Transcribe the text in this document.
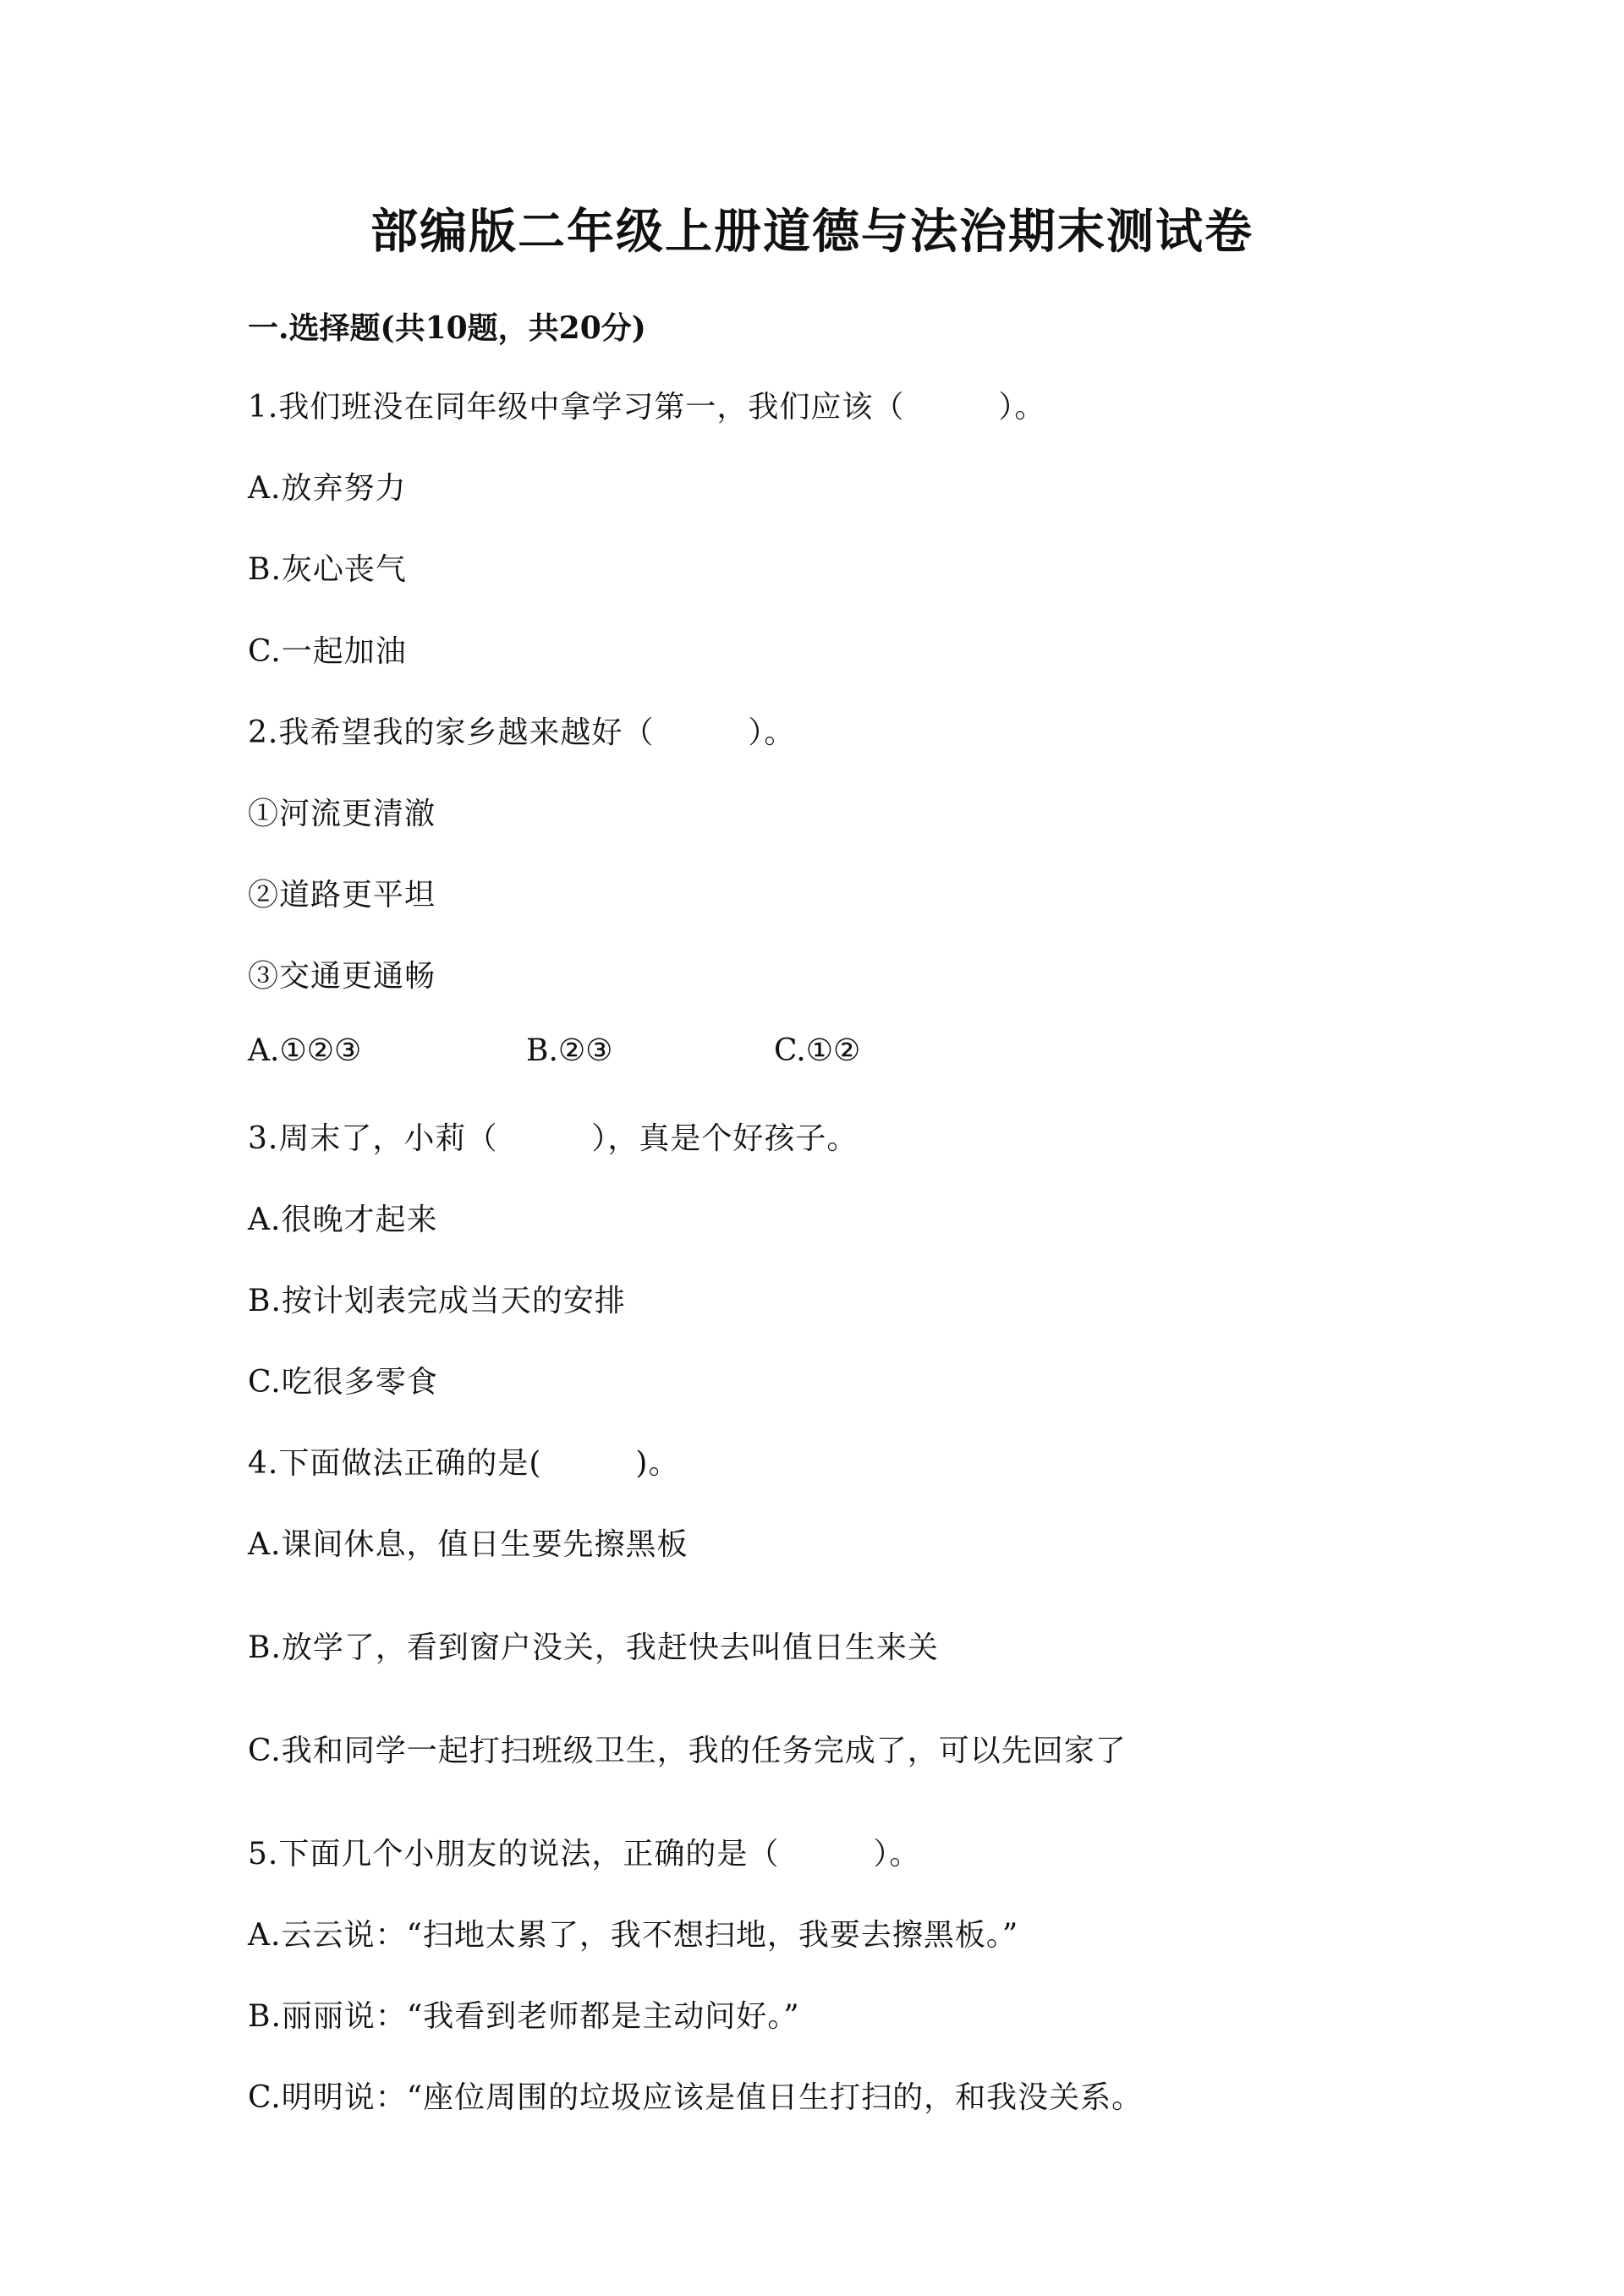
部编版二年级上册道德与法治期末测试卷
一.选择题(共10题，共20分)
1.我们班没在同年级中拿学习第一，我们应该（　　　）。
A.放弃努力
B.灰心丧气
C.一起加油
2.我希望我的家乡越来越好（　　　）。
①河流更清澈
②道路更平坦
③交通更通畅
A.①②③	B.②③	C.①②
3.周末了，小莉（　　　），真是个好孩子。
A.很晚才起来
B.按计划表完成当天的安排
C.吃很多零食
4.下面做法正确的是(　　　)。
A.课间休息，值日生要先擦黑板
B.放学了，看到窗户没关，我赶快去叫值日生来关
C.我和同学一起打扫班级卫生，我的任务完成了，可以先回家了
5.下面几个小朋友的说法，正确的是（　　　）。
A.云云说：“扫地太累了，我不想扫地，我要去擦黑板。”
B.丽丽说：“我看到老师都是主动问好。”
C.明明说：“座位周围的垃圾应该是值日生打扫的，和我没关系。
